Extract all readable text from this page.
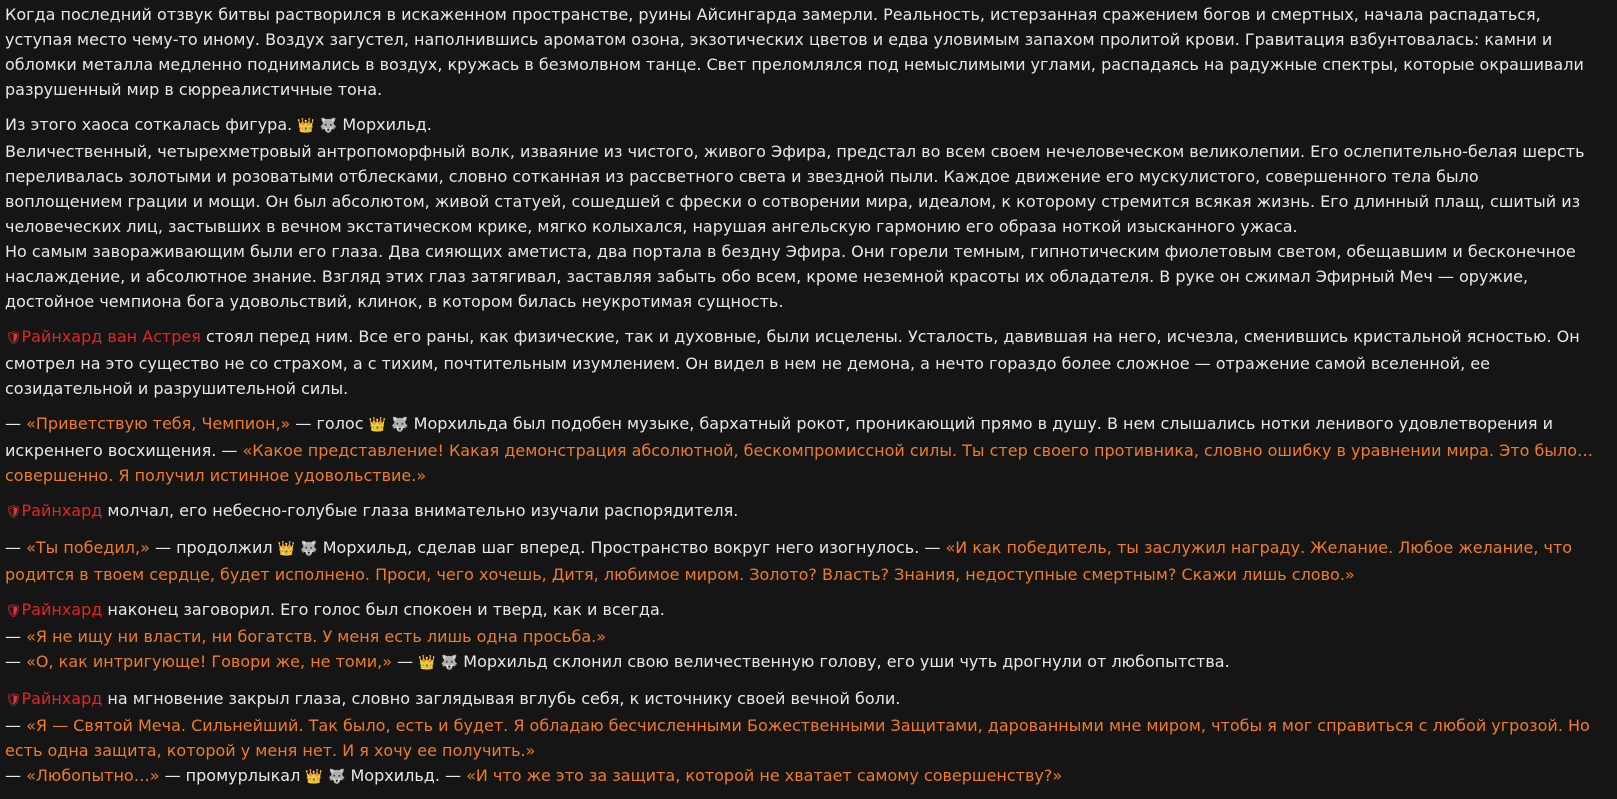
Когда последний отзвук битвы растворился в искаженном пространстве, руины Айсингарда замерли. Реальность, истерзанная сражением богов и смертных, начала распадаться, уступая место чему-то иному. Воздух загустел, наполнившись ароматом озона, экзотических цветов и едва уловимым запахом пролитой крови. Гравитация взбунтовалась: камни и обломки металла медленно поднимались в воздух, кружась в безмолвном танце. Свет преломлялся под немыслимыми углами, распадаясь на радужные спектры, которые окрашивали разрушенный мир в сюрреалистичные тона.

Из этого хаоса соткалась фигура. 👑 🐺 Морхильд.
Величественный, четырехметровый антропоморфный волк, изваяние из чистого, живого Эфира, предстал во всем своем нечеловеческом великолепии. Его ослепительно-белая шерсть переливалась золотыми и розоватыми отблесками, словно сотканная из рассветного света и звездной пыли. Каждое движение его мускулистого, совершенного тела было воплощением грации и мощи. Он был абсолютом, живой статуей, сошедшей с фрески о сотворении мира, идеалом, к которому стремится всякая жизнь. Его длинный плащ, сшитый из человеческих лиц, застывших в вечном экстатическом крике, мягко колыхался, нарушая ангельскую гармонию его образа ноткой изысканного ужаса.
Но самым завораживающим были его глаза. Два сияющих аметиста, два портала в бездну Эфира. Они горели темным, гипнотическим фиолетовым светом, обещавшим и бесконечное наслаждение, и абсолютное знание. Взгляд этих глаз затягивал, заставляя забыть обо всем, кроме неземной красоты их обладателя. В руке он сжимал Эфирный Меч — оружие, достойное чемпиона бога удовольствий, клинок, в котором билась неукротимая сущность.

🛡Райнхард ван Астрея стоял перед ним. Все его раны, как физические, так и духовные, были исцелены. Усталость, давившая на него, исчезла, сменившись кристальной ясностью. Он смотрел на это существо не со страхом, а с тихим, почтительным изумлением. Он видел в нем не демона, а нечто гораздо более сложное — отражение самой вселенной, ее созидательной и разрушительной силы.

— «Приветствую тебя, Чемпион,» — голос 👑 🐺 Морхильда был подобен музыке, бархатный рокот, проникающий прямо в душу. В нем слышались нотки ленивого удовлетворения и искреннего восхищения. — «Какое представление! Какая демонстрация абсолютной, бескомпромиссной силы. Ты стер своего противника, словно ошибку в уравнении мира. Это было… совершенно. Я получил истинное удовольствие.»

🛡Райнхард молчал, его небесно-голубые глаза внимательно изучали распорядителя.

— «Ты победил,» — продолжил 👑 🐺 Морхильд, сделав шаг вперед. Пространство вокруг него изогнулось. — «И как победитель, ты заслужил награду. Желание. Любое желание, что родится в твоем сердце, будет исполнено. Проси, чего хочешь, Дитя, любимое миром. Золото? Власть? Знания, недоступные смертным? Скажи лишь слово.»

🛡Райнхард наконец заговорил. Его голос был спокоен и тверд, как и всегда.
— «Я не ищу ни власти, ни богатств. У меня есть лишь одна просьба.»
— «О, как интригующе! Говори же, не томи,» — 👑 🐺 Морхильд склонил свою величественную голову, его уши чуть дрогнули от любопытства.

🛡Райнхард на мгновение закрыл глаза, словно заглядывая вглубь себя, к источнику своей вечной боли.
— «Я — Святой Меча. Сильнейший. Так было, есть и будет. Я обладаю бесчисленными Божественными Защитами, дарованными мне миром, чтобы я мог справиться с любой угрозой. Но есть одна защита, которой у меня нет. И я хочу ее получить.»
— «Любопытно…» — промурлыкал 👑 🐺 Морхильд. — «И что же это за защита, которой не хватает самому совершенству?»
